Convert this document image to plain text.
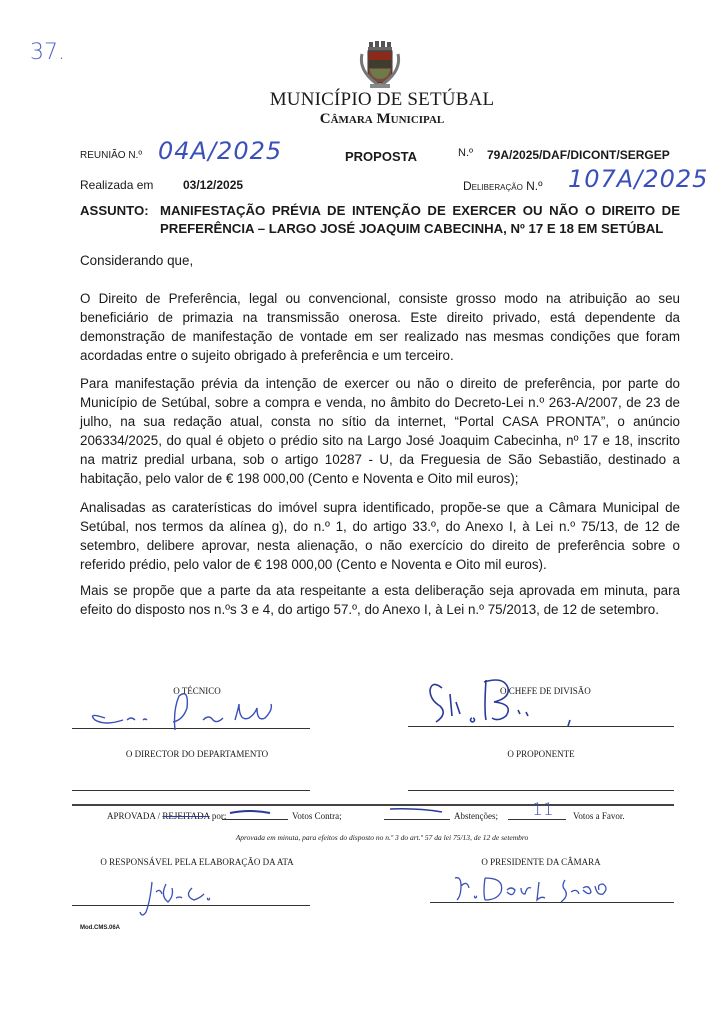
37.
MUNICÍPIO DE SETÚBAL
Câmara Municipal
REUNIÃO N.º 04A/2025	PROPOSTA	N.º 79A/2025/DAF/DICONT/SERGEP
Realizada em 03/12/2025	Deliberação N.º 107A/2025
ASSUNTO: MANIFESTAÇÃO PRÉVIA DE INTENÇÃO DE EXERCER OU NÃO O DIREITO DE PREFERÊNCIA – LARGO JOSÉ JOAQUIM CABECINHA, Nº 17 E 18 EM SETÚBAL
Considerando que,
O Direito de Preferência, legal ou convencional, consiste grosso modo na atribuição ao seu beneficiário de primazia na transmissão onerosa. Este direito privado, está dependente da demonstração de manifestação de vontade em ser realizado nas mesmas condições que foram acordadas entre o sujeito obrigado à preferência e um terceiro.
Para manifestação prévia da intenção de exercer ou não o direito de preferência, por parte do Município de Setúbal, sobre a compra e venda, no âmbito do Decreto-Lei n.º 263-A/2007, de 23 de julho, na sua redação atual, consta no sítio da internet, “Portal CASA PRONTA”, o anúncio 206334/2025, do qual é objeto o prédio sito na Largo José Joaquim Cabecinha, nº 17 e 18, inscrito na matriz predial urbana, sob o artigo 10287 - U, da Freguesia de São Sebastião, destinado a habitação, pelo valor de € 198 000,00 (Cento e Noventa e Oito mil euros);
Analisadas as caraterísticas do imóvel supra identificado, propõe-se que a Câmara Municipal de Setúbal, nos termos da alínea g), do n.º 1, do artigo 33.º, do Anexo I, à Lei n.º 75/13, de 12 de setembro, delibere aprovar, nesta alienação, o não exercício do direito de preferência sobre o referido prédio, pelo valor de € 198 000,00 (Cento e Noventa e Oito mil euros).
Mais se propõe que a parte da ata respeitante a esta deliberação seja aprovada em minuta, para efeito do disposto nos n.ºs 3 e 4, do artigo 57.º, do Anexo I, à Lei n.º 75/2013, de 12 de setembro.
O TÉCNICO	O CHEFE DE DIVISÃO
O DIRECTOR DO DEPARTAMENTO	O PROPONENTE
APROVADA / REJEITADA por:	Votos Contra;	Abstenções; 11 Votos a Favor.
Aprovada em minuta, para efeitos do disposto no n.º 3 do art.º 57 da lei 75/13, de 12 de setembro
O RESPONSÁVEL PELA ELABORAÇÃO DA ATA
Mod.CMS.06A
O PRESIDENTE DA CÂMARA
